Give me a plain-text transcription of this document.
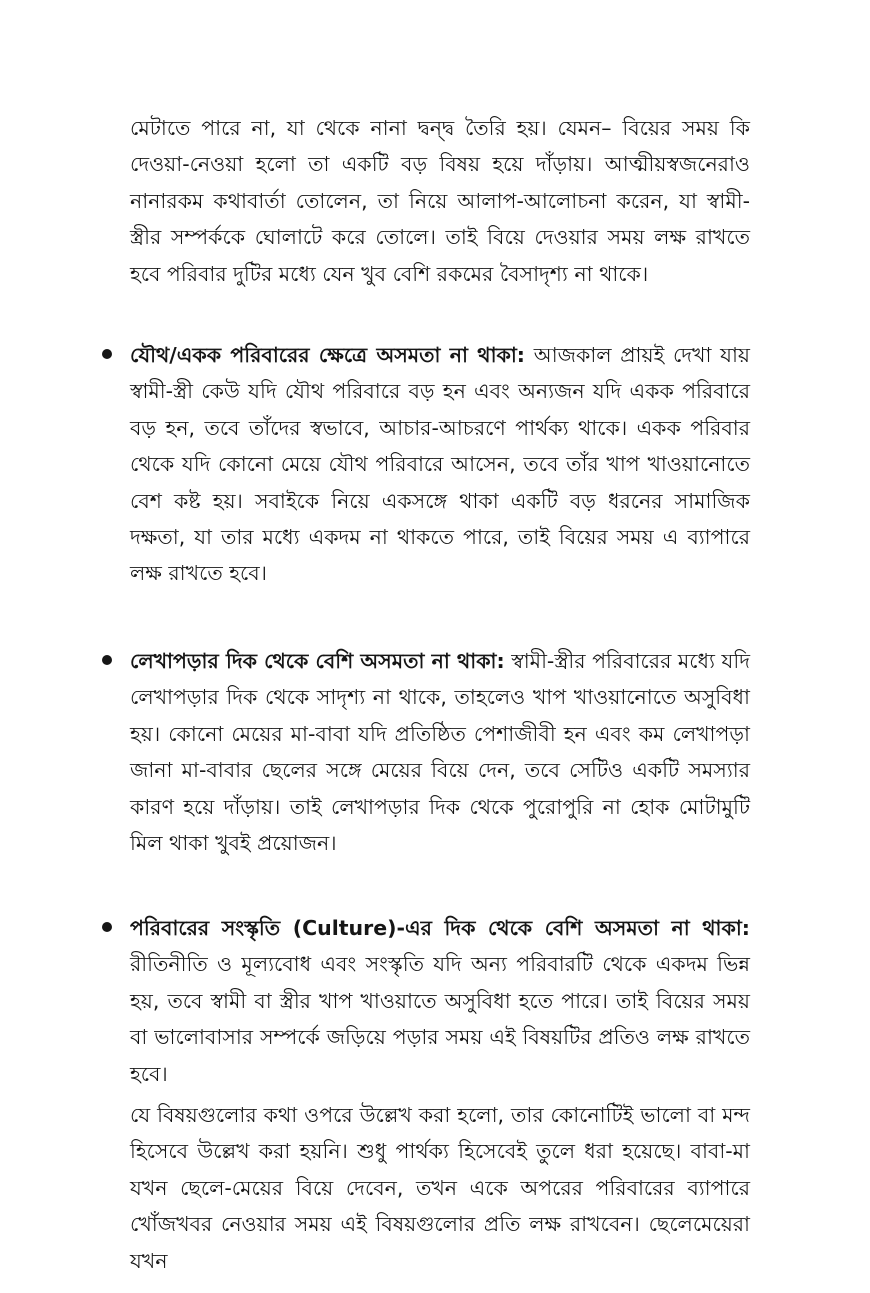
মেটাতে পারে না, যা থেকে নানা দ্বন্দ্ব তৈরি হয়। যেমন– বিয়ের সময় কি দেওয়া-নেওয়া হলো তা একটি বড় বিষয় হয়ে দাঁড়ায়। আত্মীয়স্বজনেরাও নানারকম কথাবার্তা তোলেন, তা নিয়ে আলাপ-আলোচনা করেন, যা স্বামী-স্ত্রীর সম্পর্ককে ঘোলাটে করে তোলে। তাই বিয়ে দেওয়ার সময় লক্ষ রাখতে হবে পরিবার দুটির মধ্যে যেন খুব বেশি রকমের বৈসাদৃশ্য না থাকে।

যৌথ/একক পরিবারের ক্ষেত্রে অসমতা না থাকা: আজকাল প্রায়ই দেখা যায় স্বামী-স্ত্রী কেউ যদি যৌথ পরিবারে বড় হন এবং অন্যজন যদি একক পরিবারে বড় হন, তবে তাঁদের স্বভাবে, আচার-আচরণে পার্থক্য থাকে। একক পরিবার থেকে যদি কোনো মেয়ে যৌথ পরিবারে আসেন, তবে তাঁর খাপ খাওয়ানোতে বেশ কষ্ট হয়। সবাইকে নিয়ে একসঙ্গে থাকা একটি বড় ধরনের সামাজিক দক্ষতা, যা তার মধ্যে একদম না থাকতে পারে, তাই বিয়ের সময় এ ব্যাপারে লক্ষ রাখতে হবে।

লেখাপড়ার দিক থেকে বেশি অসমতা না থাকা: স্বামী-স্ত্রীর পরিবারের মধ্যে যদি লেখাপড়ার দিক থেকে সাদৃশ্য না থাকে, তাহলেও খাপ খাওয়ানোতে অসুবিধা হয়। কোনো মেয়ের মা-বাবা যদি প্রতিষ্ঠিত পেশাজীবী হন এবং কম লেখাপড়া জানা মা-বাবার ছেলের সঙ্গে মেয়ের বিয়ে দেন, তবে সেটিও একটি সমস্যার কারণ হয়ে দাঁড়ায়। তাই লেখাপড়ার দিক থেকে পুরোপুরি না হোক মোটামুটি মিল থাকা খুবই প্রয়োজন।

পরিবারের সংস্কৃতি (Culture)-এর দিক থেকে বেশি অসমতা না থাকা: রীতিনীতি ও মূল্যবোধ এবং সংস্কৃতি যদি অন্য পরিবারটি থেকে একদম ভিন্ন হয়, তবে স্বামী বা স্ত্রীর খাপ খাওয়াতে অসুবিধা হতে পারে। তাই বিয়ের সময় বা ভালোবাসার সম্পর্কে জড়িয়ে পড়ার সময় এই বিষয়টির প্রতিও লক্ষ রাখতে হবে।

যে বিষয়গুলোর কথা ওপরে উল্লেখ করা হলো, তার কোনোটিই ভালো বা মন্দ হিসেবে উল্লেখ করা হয়নি। শুধু পার্থক্য হিসেবেই তুলে ধরা হয়েছে। বাবা-মা যখন ছেলে-মেয়ের বিয়ে দেবেন, তখন একে অপরের পরিবারের ব্যাপারে খোঁজখবর নেওয়ার সময় এই বিষয়গুলোর প্রতি লক্ষ রাখবেন। ছেলেমেয়েরা যখন
